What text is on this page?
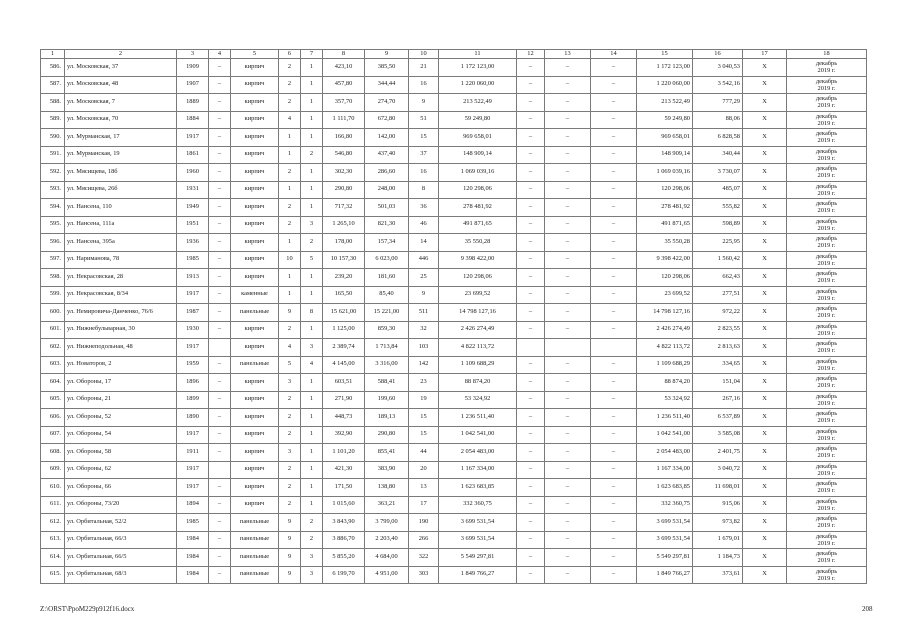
1	2	3	4	5	6	7	8	9	10	11	12	13	14	15	16	17	18
586.	ул. Московская, 37	1909	–	кирпич	2	1	423,10	385,50	21	1 172 123,00	–	–	–	1 172 123,00	3 040,53	X	декабрь
2019 г.

587.	ул. Московская, 48	1907	–	кирпич	2	1	457,80	344,44	16	1 220 060,00	–	–	–	1 220 060,00	3 542,16	X	декабрь
2019 г.

588.	ул. Московская, 7	1889	–	кирпич	2	1	357,70	274,70	9	213 522,49	–	–	–	213 522,49	777,29	X	декабрь
2019 г.

589.	ул. Московская, 70	1884	–	кирпич	4	1	1 111,70	672,80	51	59 249,80	–	–	–	59 249,80	88,06	X	декабрь
2019 г.

590.	ул. Мурманская, 17	1917	–	кирпич	1	1	166,80	142,00	15	969 658,01	–	–	–	969 658,01	6 828,58	X	декабрь
2019 г.

591.	ул. Мурманская, 19	1861	–	кирпич	1	2	546,80	437,40	37	148 909,14	–	–	–	148 909,14	340,44	X	декабрь
2019 г.

592.	ул. Мясищева, 18б	1960	–	кирпич	2	1	302,30	286,60	16	1 069 039,16	–	–	–	1 069 039,16	3 730,07	X	декабрь
2019 г.

593.	ул. Мясищева, 26б	1931	–	кирпич	1	1	290,80	248,00	8	120 298,06	–	–	–	120 298,06	485,07	X	декабрь
2019 г.

594.	ул. Нансена, 110	1949	–	кирпич	2	1	717,32	501,03	36	278 481,92	–	–	–	278 481,92	555,82	X	декабрь
2019 г.

595.	ул. Нансена, 111а	1951	–	кирпич	2	3	1 265,10	821,30	46	491 871,65	–	–	–	491 871,65	598,89	X	декабрь
2019 г.

596.	ул. Нансена, 395а	1936	–	кирпич	1	2	178,00	157,34	14	35 550,28	–	–	–	35 550,28	225,95	X	декабрь
2019 г.

597.	ул. Нариманова, 78	1985	–	кирпич	10	5	10 157,30	6 023,00	446	9 398 422,00	–	–	–	9 398 422,00	1 560,42	X	декабрь
2019 г.

598.	ул. Некрасовская, 28	1913	–	кирпич	1	1	239,20	181,60	25	120 298,06	–	–	–	120 298,06	662,43	X	декабрь
2019 г.

599.	ул. Некрасовская, 8/34	1917	–	каменные	1	1	165,50	85,40	9	23 699,52	–	–	–	23 699,52	277,51	X	декабрь
2019 г.

600.	ул. Немировича-Данченко, 76/6	1987	–	панельные	9	8	15 621,00	15 221,00	511	14 798 127,16	–	–	–	14 798 127,16	972,22	X	декабрь
2019 г.

601.	ул. Нижнебульварная, 30	1930	–	кирпич	2	1	1 125,00	859,30	32	2 426 274,49	–	–	–	2 426 274,49	2 823,55	X	декабрь
2019 г.

602.	ул. Нижнеподольная, 48	1917		кирпич	4	3	2 389,74	1 713,84	103	4 822 113,72				4 822 113,72	2 813,63	X	декабрь
2019 г.

603.	ул. Новаторов, 2	1959	–	панельные	5	4	4 145,00	3 316,00	142	1 109 688,29	–	–	–	1 109 688,29	334,65	X	декабрь
2019 г.

604.	ул. Обороны, 17	1896	–	кирпич	3	1	603,51	588,41	23	88 874,20	–	–	–	88 874,20	151,04	X	декабрь
2019 г.

605.	ул. Обороны, 21	1899	–	кирпич	2	1	271,90	199,60	19	53 324,92	–	–	–	53 324,92	267,16	X	декабрь
2019 г.

606.	ул. Обороны, 52	1890	–	кирпич	2	1	448,73	189,13	15	1 236 511,40	–	–	–	1 236 511,40	6 537,89	X	декабрь
2019 г.

607.	ул. Обороны, 54	1917	–	кирпич	2	1	392,90	290,80	15	1 042 541,00	–	–	–	1 042 541,00	3 585,08	X	декабрь
2019 г.

608.	ул. Обороны, 58	1911	–	кирпич	3	1	1 101,20	855,41	44	2 054 483,00	–	–	–	2 054 483,00	2 401,75	X	декабрь
2019 г.

609.	ул. Обороны, 62	1917		кирпич	2	1	421,30	383,90	20	1 167 334,00	–	–	–	1 167 334,00	3 040,72	X	декабрь
2019 г.

610.	ул. Обороны, 66	1917	–	кирпич	2	1	171,50	138,80	13	1 623 683,85	–	–	–	1 623 683,85	11 698,01	X	декабрь
2019 г.

611.	ул. Обороны, 73/20	1894	–	кирпич	2	1	1 015,60	363,21	17	332 360,75	–	–	–	332 360,75	915,06	X	декабрь
2019 г.

612.	ул. Орбитальная, 52/2	1985	–	панельные	9	2	3 843,90	3 799,00	190	3 699 531,54	–	–	–	3 699 531,54	973,82	X	декабрь
2019 г.

613.	ул. Орбитальная, 66/3	1984	–	панельные	9	2	3 886,70	2 203,40	266	3 699 531,54	–	–	–	3 699 531,54	1 679,01	X	декабрь
2019 г.

614.	ул. Орбитальная, 66/5	1984	–	панельные	9	3	5 855,20	4 684,00	322	5 549 297,81	–	–	–	5 549 297,81	1 184,73	X	декабрь
2019 г.

615.	ул. Орбитальная, 68/3	1984	–	панельные	9	3	6 199,70	4 951,00	303	1 849 766,27	–	–	–	1 849 766,27	373,61	X	декабрь
2019 г.
Z:\ORST\PpoM229p912f16.docx	208
